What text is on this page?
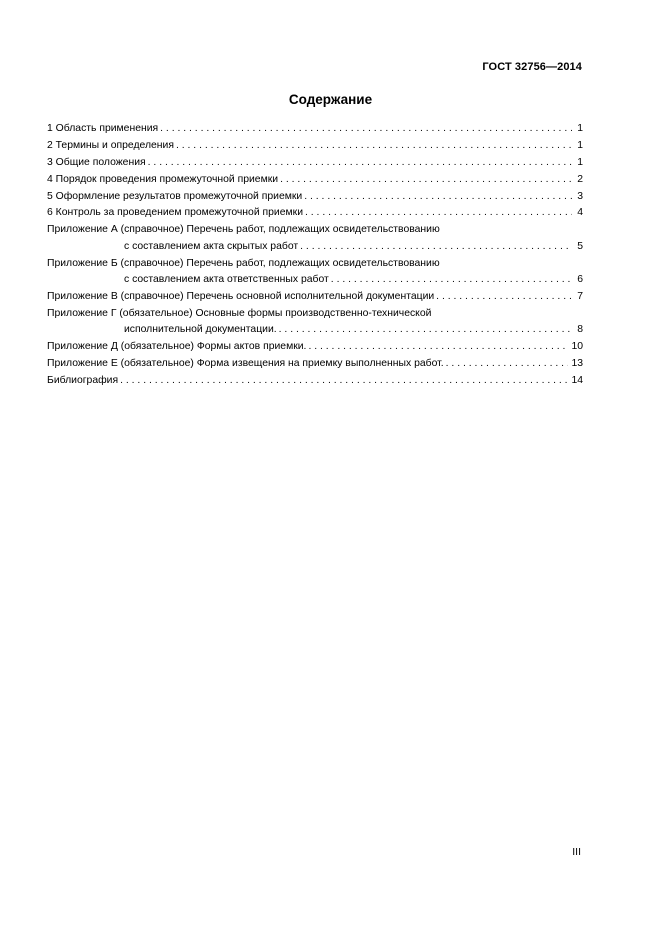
ГОСТ 32756—2014
Содержание
1 Область применения . . .	1
2 Термины и определения . . .	1
3 Общие положения . . .	1
4 Порядок проведения промежуточной приемки . . .	2
5 Оформление результатов промежуточной приемки . . .	3
6 Контроль за проведением промежуточной приемки . . .	4
Приложение А (справочное) Перечень работ, подлежащих освидетельствованию
с составлением акта скрытых работ . . .	5
Приложение Б (справочное) Перечень работ, подлежащих освидетельствованию
с составлением акта ответственных работ . . .	6
Приложение В (справочное) Перечень основной исполнительной документации . . .	7
Приложение Г (обязательное) Основные формы производственно-технической
исполнительной документации. . . .	8
Приложение Д (обязательное) Формы актов приемки. . . .	10
Приложение Е (обязательное) Форма извещения на приемку выполненных работ. . . .	13
Библиография . . .	14
III
